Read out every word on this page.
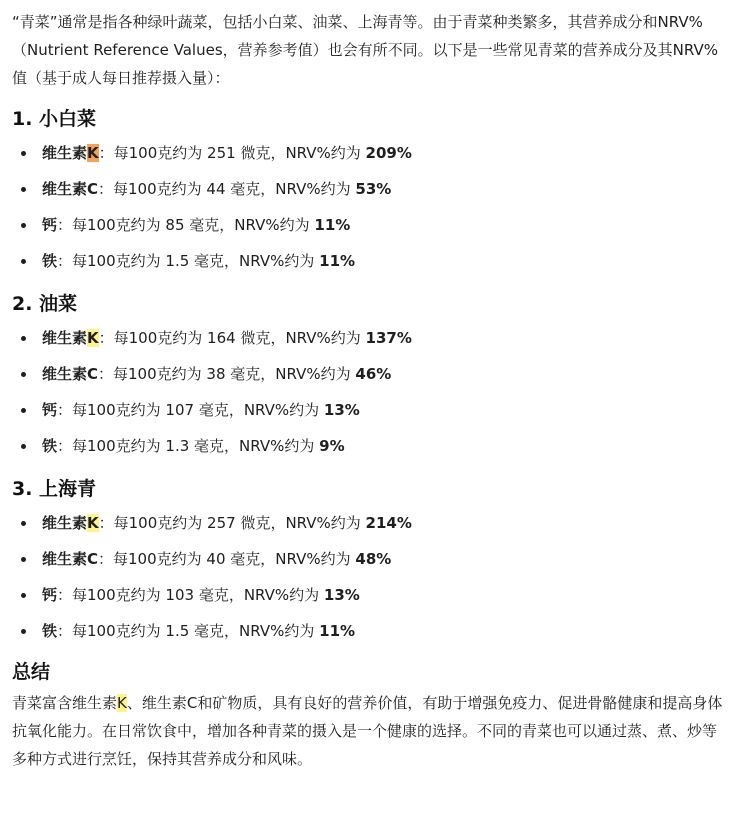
“青菜”通常是指各种绿叶蔬菜，包括小白菜、油菜、上海青等。由于青菜种类繁多，其营养成分和NRV%（Nutrient Reference Values，营养参考值）也会有所不同。以下是一些常见青菜的营养成分及其NRV%值（基于成人每日推荐摄入量）：

1. 小白菜
维生素K：每100克约为 251 微克，NRV%约为 209%
维生素C：每100克约为 44 毫克，NRV%约为 53%
钙：每100克约为 85 毫克，NRV%约为 11%
铁：每100克约为 1.5 毫克，NRV%约为 11%
2. 油菜
维生素K：每100克约为 164 微克，NRV%约为 137%
维生素C：每100克约为 38 毫克，NRV%约为 46%
钙：每100克约为 107 毫克，NRV%约为 13%
铁：每100克约为 1.3 毫克，NRV%约为 9%
3. 上海青
维生素K：每100克约为 257 微克，NRV%约为 214%
维生素C：每100克约为 40 毫克，NRV%约为 48%
钙：每100克约为 103 毫克，NRV%约为 13%
铁：每100克约为 1.5 毫克，NRV%约为 11%
总结

青菜富含维生素K、维生素C和矿物质，具有良好的营养价值，有助于增强免疫力、促进骨骼健康和提高身体抗氧化能力。在日常饮食中，增加各种青菜的摄入是一个健康的选择。不同的青菜也可以通过蒸、煮、炒等多种方式进行烹饪，保持其营养成分和风味。
